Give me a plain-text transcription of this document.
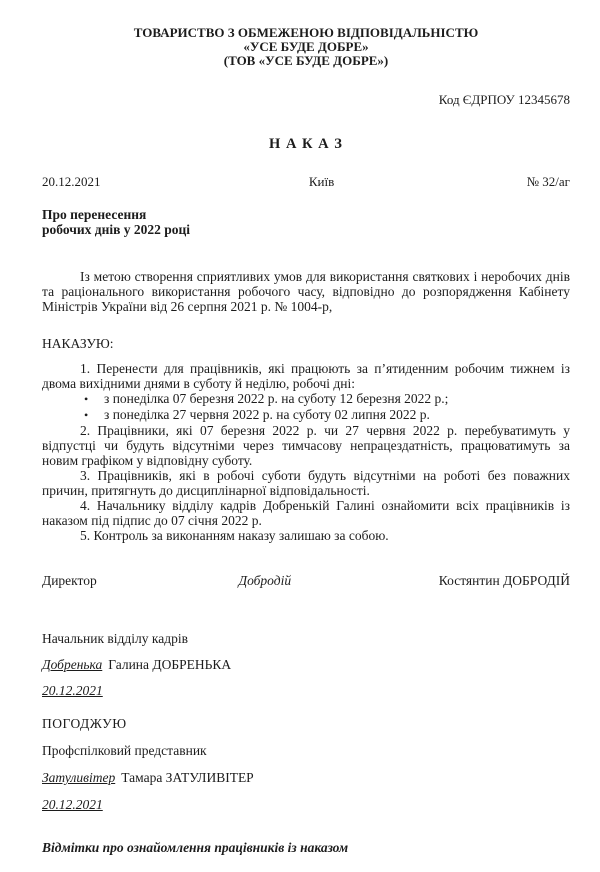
ТОВАРИСТВО З ОБМЕЖЕНОЮ ВІДПОВІДАЛЬНІСТЮ
«УСЕ БУДЕ ДОБРЕ»
(ТОВ «УСЕ БУДЕ ДОБРЕ»)
Код ЄДРПОУ 12345678
Н А К А З
20.12.2021	Київ	№ 32/аг
Про перенесення
робочих днів у 2022 році

Із метою створення сприятливих умов для використання святкових і неробочих днів та раціонального використання робочого часу, відповідно до розпорядження Кабінету Міністрів України від 26 серпня 2021 р. № 1004-р,

НАКАЗУЮ:

1. Перенести для працівників, які працюють за п’ятиденним робочим тижнем із двома вихідними днями в суботу й неділю, робочі дні:

• з понеділка 07 березня 2022 р. на суботу 12 березня 2022 р.;
• з понеділка 27 червня 2022 р. на суботу 02 липня 2022 р.

2. Працівники, які 07 березня 2022 р. чи 27 червня 2022 р. перебуватимуть у відпустці чи будуть відсутніми через тимчасову непрацездатність, працюватимуть за новим графіком у відповідну суботу.

3. Працівників, які в робочі суботи будуть відсутніми на роботі без поважних причин, притягнуть до дисциплінарної відповідальності.

4. Начальнику відділу кадрів Добренькій Галині ознайомити всіх працівників із наказом під підпис до 07 січня 2022 р.

5. Контроль за виконанням наказу залишаю за собою.

Директор	Добродій	Костянтин ДОБРОДІЙ
Начальник відділу кадрів
Добренька Галина ДОБРЕНЬКА
20.12.2021
ПОГОДЖУЮ
Профспілковий представник
Затуливітер Тамара ЗАТУЛИВІТЕР
20.12.2021
Відмітки про ознайомлення працівників із наказом
